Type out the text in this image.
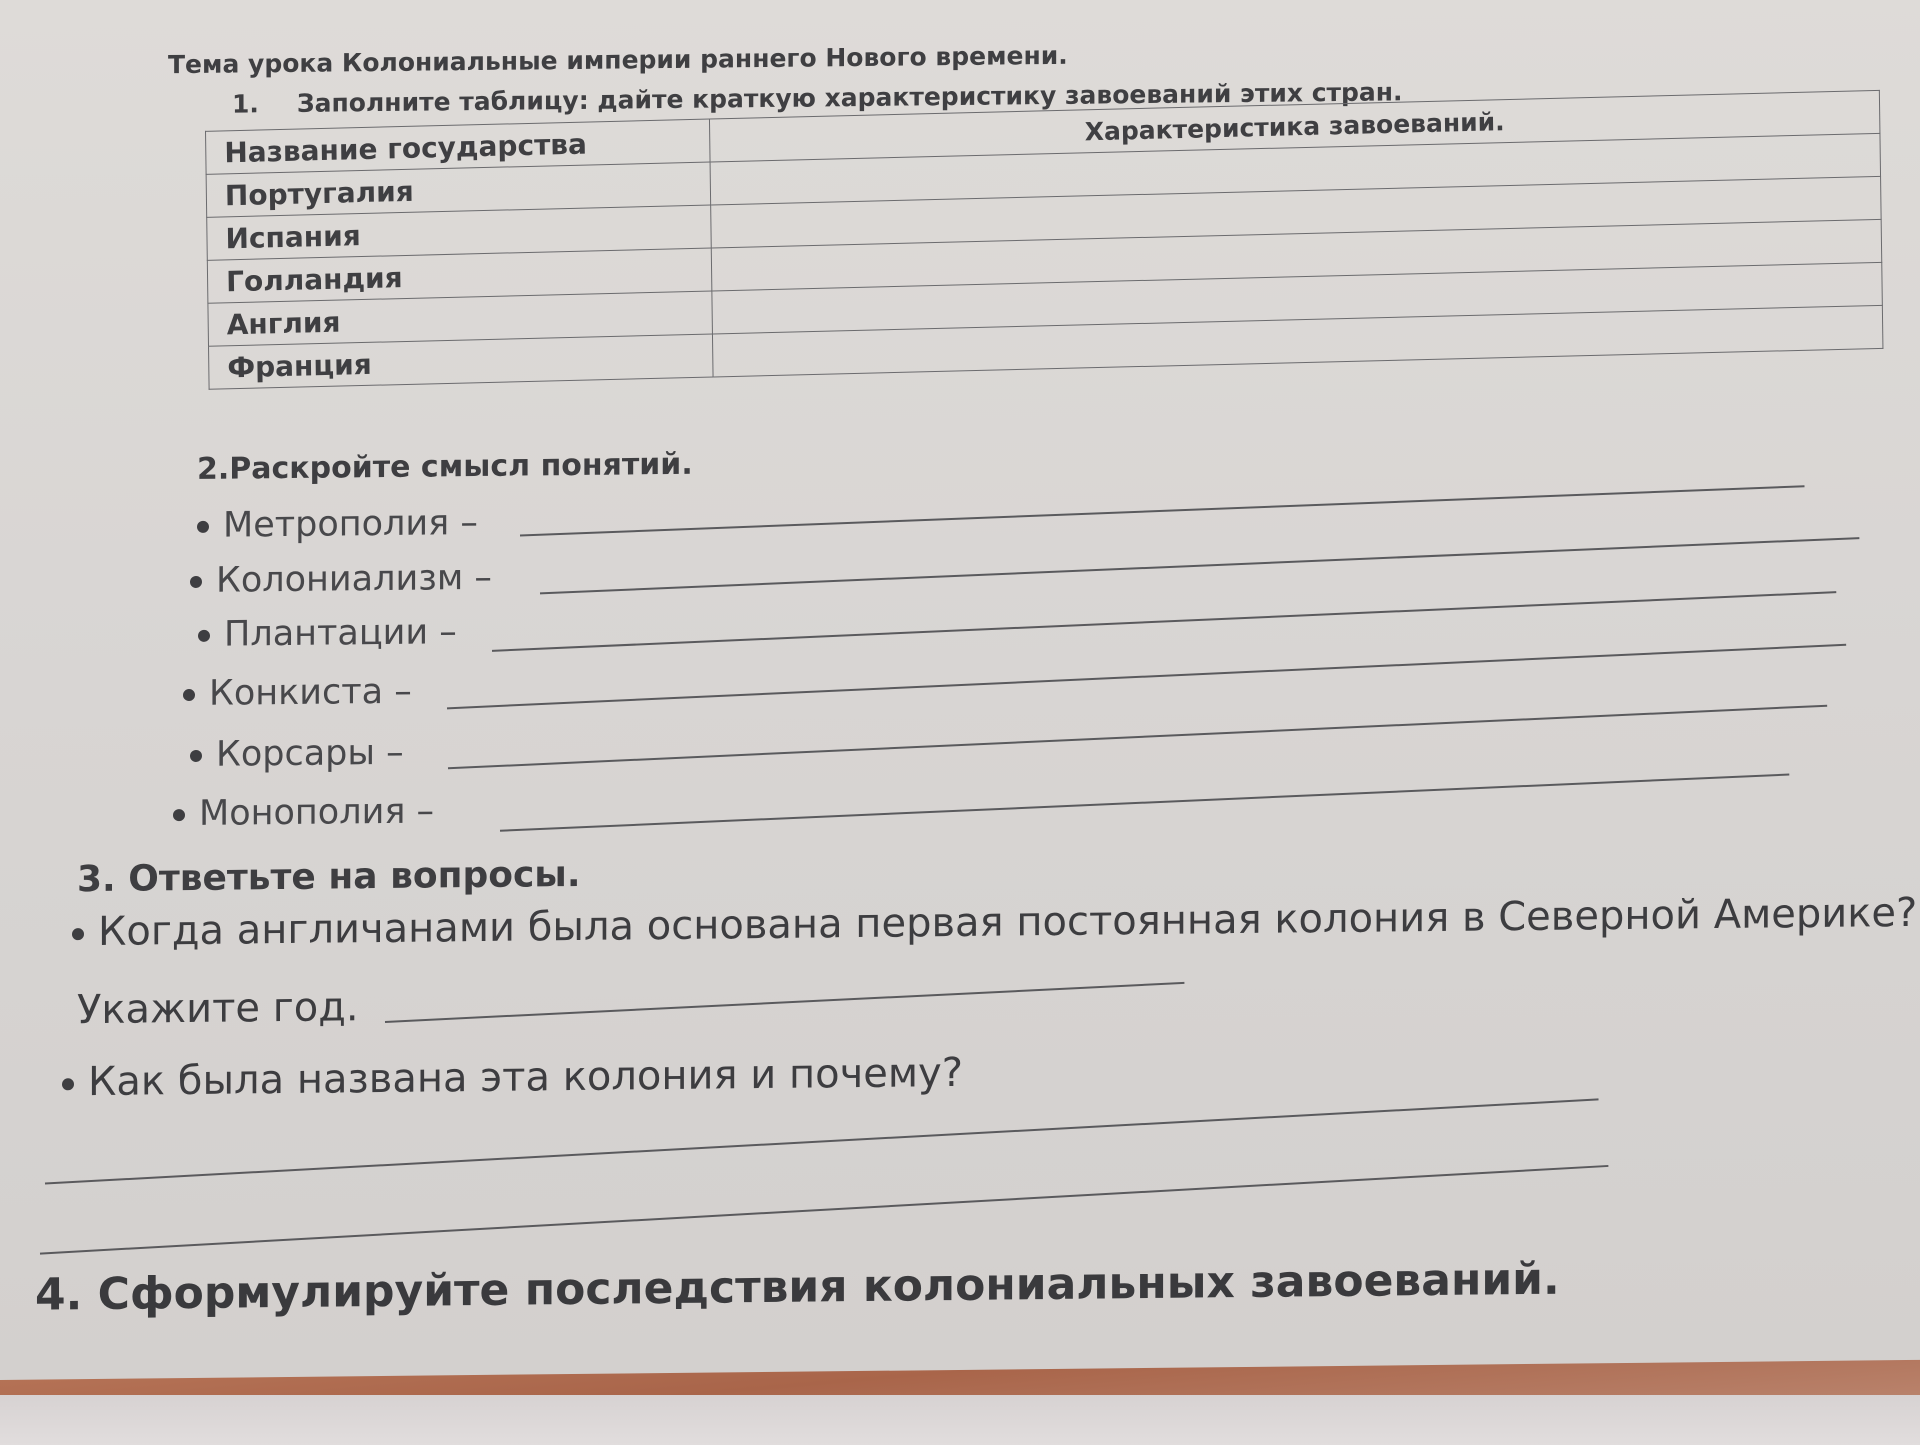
Тема урока Колониальные империи раннего Нового времени.
1. Заполните таблицу: дайте краткую характеристику завоеваний этих стран.
Название государства	Характеристика завоеваний.
Португалия	
Испания	
Голландия	
Англия	
Франция	
2.Раскройте смысл понятий.
Метрополия –
Колониализм –
Плантации –
Конкиста –
Корсары –
Монополия –
3. Ответьте на вопросы.
Когда англичанами была основана первая постоянная колония в Северной Америке?
Укажите год.
Как была названа эта колония и почему?
4. Сформулируйте последствия колониальных завоеваний.
